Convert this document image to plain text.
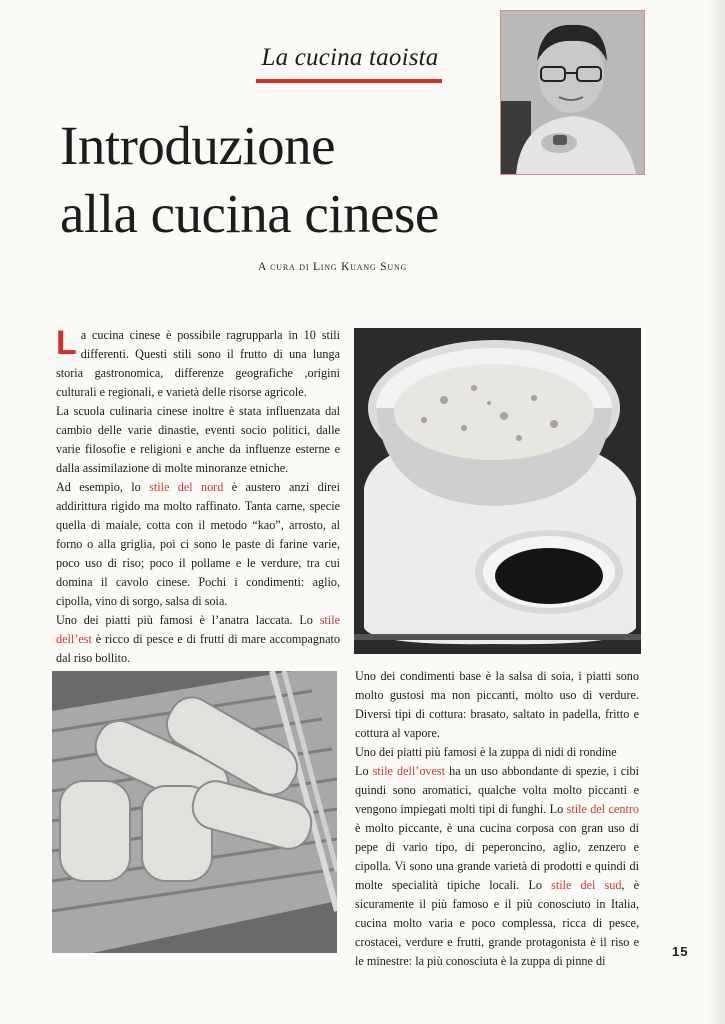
La cucina taoista
Introduzione
alla cucina cinese
A cura di Ling Kuang Sung

La cucina cinese è possibile ragrupparla in 10 stili differenti. Questi stili sono il frutto di una lunga storia gastronomica, differenze geografiche ,origini culturali e regionali, e varietà delle risorse agricole.

La scuola culinaria cinese inoltre è stata influenzata dal cambio delle varie dinastie, eventi socio politici, dalle varie filosofie e religioni e anche da influenze esterne e dalla assimilazione di molte minoranze etniche.

Ad esempio, lo stile del nord è austero anzi direi addirittura rigido ma molto raffinato. Tanta carne, specie quella di maiale, cotta con il metodo “kao”, arrosto, al forno o alla griglia, poi ci sono le paste di farine varie, poco uso di riso; poco il pollame e le verdure, tra cui domina il cavolo cinese. Pochi i condimenti: aglio, cipolla, vino di sorgo, salsa di soia.

Uno dei piatti più famosi è l’anatra laccata. Lo stile dell’est è ricco di pesce e di frutti di mare accompagnato dal riso bollito.

Uno dei condimenti base è la salsa di soia, i piatti sono molto gustosi ma non piccanti, molto uso di verdure. Diversi tipi di cottura: brasato, saltato in padella, fritto e cottura al vapore.

Uno dei piatti più famosi è la zuppa di nidi di rondine

Lo stile dell’ovest ha un uso abbondante di spezie, i cibi quindi sono aromatici, qualche volta molto piccanti e vengono impiegati molti tipi di funghi. Lo stile del centro è molto piccante, è una cucina corposa con gran uso di pepe di vario tipo, di peperoncino, aglio, zenzero e cipolla. Vi sono una grande varietà di prodotti e quindi di molte specialità tipiche locali. Lo stile del sud, è sicuramente il più famoso e il più conosciuto in Italia, cucina molto varia e poco complessa, ricca di pesce, crostacei, verdure e frutti, grande protagonista è il riso e le minestre: la più conosciuta è la zuppa di pinne di

15
